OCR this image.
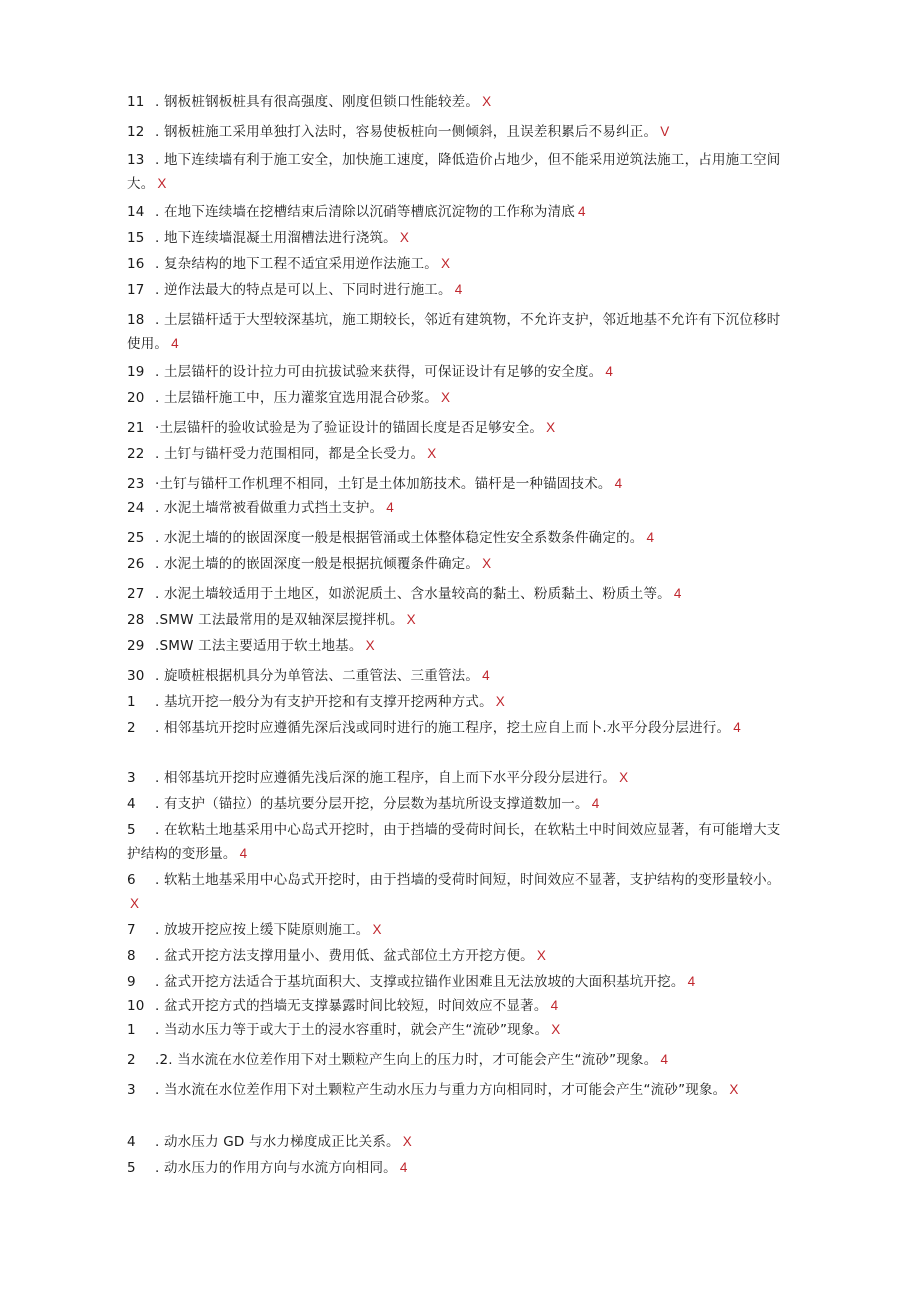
11 . 钢板桩钢板桩具有很高强度、刚度但锁口性能较差。 X
12 . 钢板桩施工采用单独打入法时，容易使板桩向一侧倾斜，且误差积累后不易纠正。 V
13 . 地下连续墙有利于施工安全，加快施工速度，降低造价占地少，但不能采用逆筑法施工，占用施工空间大。 X
14 . 在地下连续墙在挖槽结束后清除以沉硝等槽底沉淀物的工作称为清底 4
15 . 地下连续墙混凝土用溜槽法进行浇筑。 X
16 . 复杂结构的地下工程不适宜采用逆作法施工。 X
17 . 逆作法最大的特点是可以上、下同时进行施工。 4
18 . 土层锚杆适于大型较深基坑，施工期较长，邻近有建筑物，不允许支护，邻近地基不允许有下沉位移时使用。 4
19 . 土层锚杆的设计拉力可由抗拔试验来获得，可保证设计有足够的安全度。 4
20 . 土层锚杆施工中，压力灌浆宜选用混合砂浆。 X
21 ·土层锚杆的验收试验是为了验证设计的锚固长度是否足够安全。 X
22 . 土钉与锚杆受力范围相同，都是全长受力。 X
23 ·土钉与锚杆工作机理不相同，土钉是土体加筋技术。锚杆是一种锚固技术。 4
24 . 水泥土墙常被看做重力式挡土支护。 4
25 . 水泥土墙的的嵌固深度一般是根据管涌或土体整体稳定性安全系数条件确定的。 4
26 . 水泥土墙的的嵌固深度一般是根据抗倾覆条件确定。 X
27 . 水泥土墙较适用于土地区，如淤泥质土、含水量较高的黏土、粉质黏土、粉质土等。 4
28 .SMW 工法最常用的是双轴深层搅拌机。 X
29 .SMW 工法主要适用于软土地基。 X
30 . 旋喷桩根据机具分为单管法、二重管法、三重管法。 4
1 . 基坑开挖一般分为有支护开挖和有支撑开挖两种方式。 X
2 . 相邻基坑开挖时应遵循先深后浅或同时进行的施工程序，挖土应自上而卜.水平分段分层进行。 4
3 . 相邻基坑开挖时应遵循先浅后深的施工程序，自上而下水平分段分层进行。 X
4 . 有支护（锚拉）的基坑要分层开挖，分层数为基坑所设支撑道数加一。 4
5 . 在软粘土地基采用中心岛式开挖时，由于挡墙的受荷时间长，在软粘土中时间效应显著，有可能增大支护结构的变形量。 4
6 . 软粘土地基采用中心岛式开挖时，由于挡墙的受荷时间短，时间效应不显著，支护结构的变形量较小。X
7 . 放坡开挖应按上缓下陡原则施工。 X
8 . 盆式开挖方法支撑用量小、费用低、盆式部位土方开挖方便。 X
9 . 盆式开挖方法适合于基坑面积大、支撑或拉锚作业困难且无法放坡的大面积基坑开挖。 4
10 . 盆式开挖方式的挡墙无支撑暴露时间比较短，时间效应不显著。 4
1 . 当动水压力等于或大于土的浸水容重时，就会产生“流砂”现象。 X
2 .2. 当水流在水位差作用下对土颗粒产生向上的压力时，才可能会产生“流砂”现象。 4
3 . 当水流在水位差作用下对土颗粒产生动水压力与重力方向相同时，才可能会产生“流砂”现象。 X
4 . 动水压力 GD 与水力梯度成正比关系。 X
5 . 动水压力的作用方向与水流方向相同。 4
